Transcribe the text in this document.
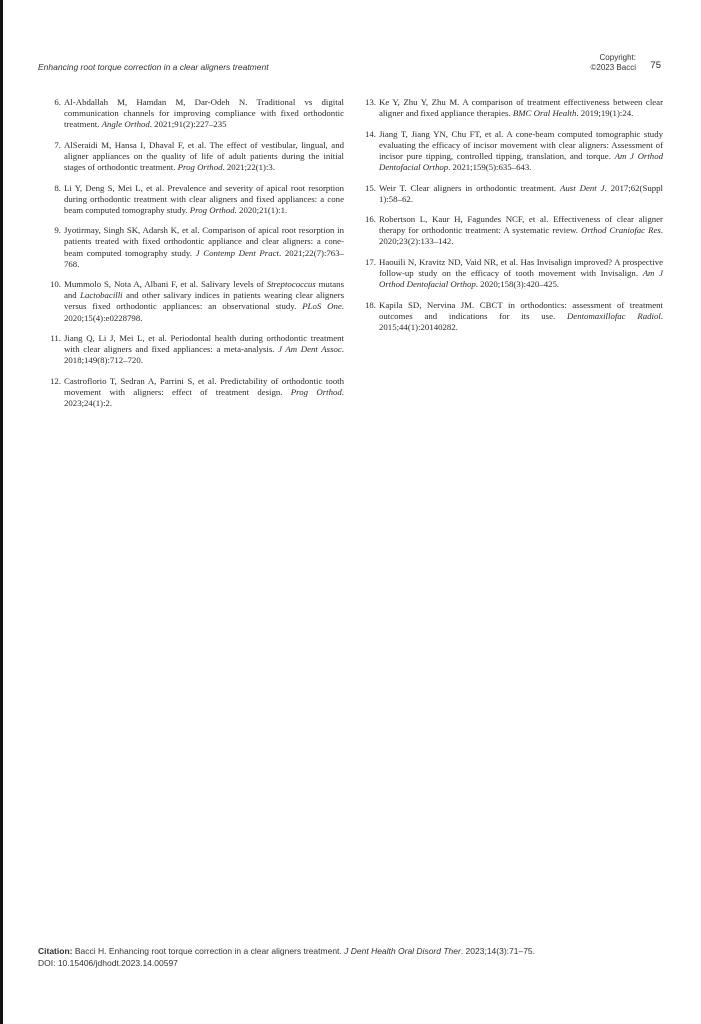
Enhancing root torque correction in a clear aligners treatment
Copyright:
©2023 Bacci 75
6. Al-Abdallah M, Hamdan M, Dar-Odeh N. Traditional vs digital communication channels for improving compliance with fixed orthodontic treatment. Angle Orthod. 2021;91(2):227–235
7. AlSeraidi M, Hansa I, Dhaval F, et al. The effect of vestibular, lingual, and aligner appliances on the quality of life of adult patients during the initial stages of orthodontic treatment. Prog Orthod. 2021;22(1):3.
8. Li Y, Deng S, Mei L, et al. Prevalence and severity of apical root resorption during orthodontic treatment with clear aligners and fixed appliances: a cone beam computed tomography study. Prog Orthod. 2020;21(1):1.
9. Jyotirmay, Singh SK, Adarsh K, et al. Comparison of apical root resorption in patients treated with fixed orthodontic appliance and clear aligners: a cone-beam computed tomography study. J Contemp Dent Pract. 2021;22(7):763–768.
10. Mummolo S, Nota A, Albani F, et al. Salivary levels of Streptococcus mutans and Lactobacilli and other salivary indices in patients wearing clear aligners versus fixed orthodontic appliances: an observational study. PLoS One. 2020;15(4):e0228798.
11. Jiang Q, Li J, Mei L, et al. Periodontal health during orthodontic treatment with clear aligners and fixed appliances: a meta-analysis. J Am Dent Assoc. 2018;149(8):712–720.
12. Castroflorio T, Sedran A, Parrini S, et al. Predictability of orthodontic tooth movement with aligners: effect of treatment design. Prog Orthod. 2023;24(1):2.
13. Ke Y, Zhu Y, Zhu M. A comparison of treatment effectiveness between clear aligner and fixed appliance therapies. BMC Oral Health. 2019;19(1):24.
14. Jiang T, Jiang YN, Chu FT, et al. A cone-beam computed tomographic study evaluating the efficacy of incisor movement with clear aligners: Assessment of incisor pure tipping, controlled tipping, translation, and torque. Am J Orthod Dentofacial Orthop. 2021;159(5):635–643.
15. Weir T. Clear aligners in orthodontic treatment. Aust Dent J. 2017;62(Suppl 1):58–62.
16. Robertson L, Kaur H, Fagundes NCF, et al. Effectiveness of clear aligner therapy for orthodontic treatment: A systematic review. Orthod Craniofac Res. 2020;23(2):133–142.
17. Haouili N, Kravitz ND, Vaid NR, et al. Has Invisalign improved? A prospective follow-up study on the efficacy of tooth movement with Invisalign. Am J Orthod Dentofacial Orthop. 2020;158(3):420–425.
18. Kapila SD, Nervina JM. CBCT in orthodontics: assessment of treatment outcomes and indications for its use. Dentomaxillofac Radiol. 2015;44(1):20140282.
Citation: Bacci H. Enhancing root torque correction in a clear aligners treatment. J Dent Health Oral Disord Ther. 2023;14(3):71‒75.
DOI: 10.15406/jdhodt.2023.14.00597
